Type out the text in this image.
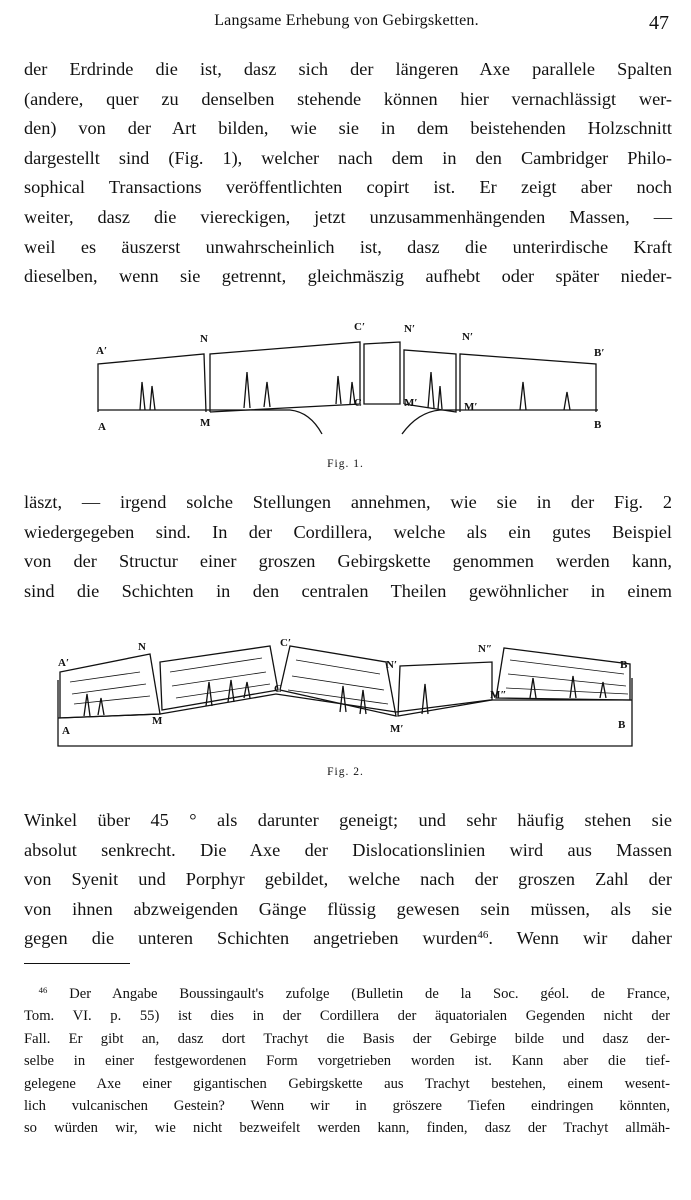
Langsame Erhebung von Gebirgsketten.	47

der Erdrinde die ist, dasz sich der längeren Axe parallele Spalten
(andere, quer zu denselben stehende können hier vernachlässigt wer-
den) von der Art bilden, wie sie in dem beistehenden Holzschnitt
dargestellt sind (Fig. 1), welcher nach dem in den Cambridger Philo-
sophical Transactions veröffentlichten copirt ist. Er zeigt aber noch
weiter, dasz die viereckigen, jetzt unzusammenhängenden Massen, —
weil es äuszerst unwahrscheinlich ist, dasz die unterirdische Kraft
dieselben, wenn sie getrennt, gleichmäszig aufhebt oder später nieder-

A′
N
C′	N′
N′
B′
A	M
C	M′	M′
B
Fig. 1.

läszt, — irgend solche Stellungen annehmen, wie sie in der Fig. 2
wiedergegeben sind. In der Cordillera, welche als ein gutes Beispiel
von der Structur einer groszen Gebirgskette genommen werden kann,
sind die Schichten in den centralen Theilen gewöhnlicher in einem

A′
N	C′
N′
N″
B
C	M″
A
M
M′	B
Fig. 2.

Winkel über 45 ° als darunter geneigt; und sehr häufig stehen sie
absolut senkrecht. Die Axe der Dislocationslinien wird aus Massen
von Syenit und Porphyr gebildet, welche nach der groszen Zahl der
von ihnen abzweigenden Gänge flüssig gewesen sein müssen, als sie
gegen die unteren Schichten angetrieben wurden$^{46}$. Wenn wir daher

 $^{46}$ Der Angabe Boussingault's zufolge (Bulletin de la Soc. géol. de France,
Tom. VI. p. 55) ist dies in der Cordillera der äquatorialen Gegenden nicht der
Fall. Er gibt an, dasz dort Trachyt die Basis der Gebirge bilde und dasz der-
selbe in einer festgewordenen Form vorgetrieben worden ist. Kann aber die tief-
gelegene Axe einer gigantischen Gebirgskette aus Trachyt bestehen, einem wesent-
lich vulcanischen Gestein? Wenn wir in gröszere Tiefen eindringen könnten,
so würden wir, wie nicht bezweifelt werden kann, finden, dasz der Trachyt allmäh-
